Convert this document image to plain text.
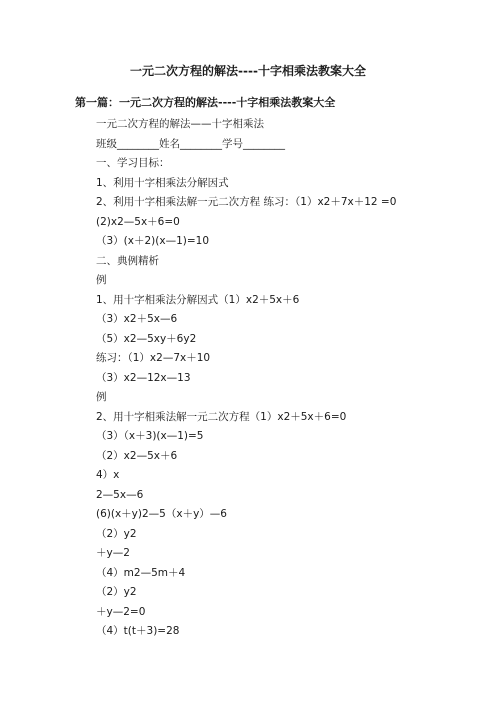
一元二次方程的解法----十字相乘法教案大全
第一篇：一元二次方程的解法----十字相乘法教案大全
一元二次方程的解法——十字相乘法
班级________姓名________学号________
一、学习目标：
1、利用十字相乘法分解因式
2、利用十字相乘法解一元二次方程 练习：（1）x2＋7x＋12 =0
(2)x2—5x＋6=0
（3）(x＋2)(x—1)=10
二、典例精析
例
1、用十字相乘法分解因式（1）x2＋5x＋6
（3）x2＋5x—6
（5）x2—5xy＋6y2
练习：（1）x2—7x＋10
（3）x2—12x—13
例
2、用十字相乘法解一元二次方程（1）x2＋5x＋6=0
（3）（x＋3)(x—1)=5
（2）x2—5x＋6
4）x
2—5x—6
(6)(x＋y)2—5（x＋y）—6
（2）y2
＋y—2
（4）m2—5m＋4
（2）y2
＋y—2=0
（4）t(t＋3)=28
